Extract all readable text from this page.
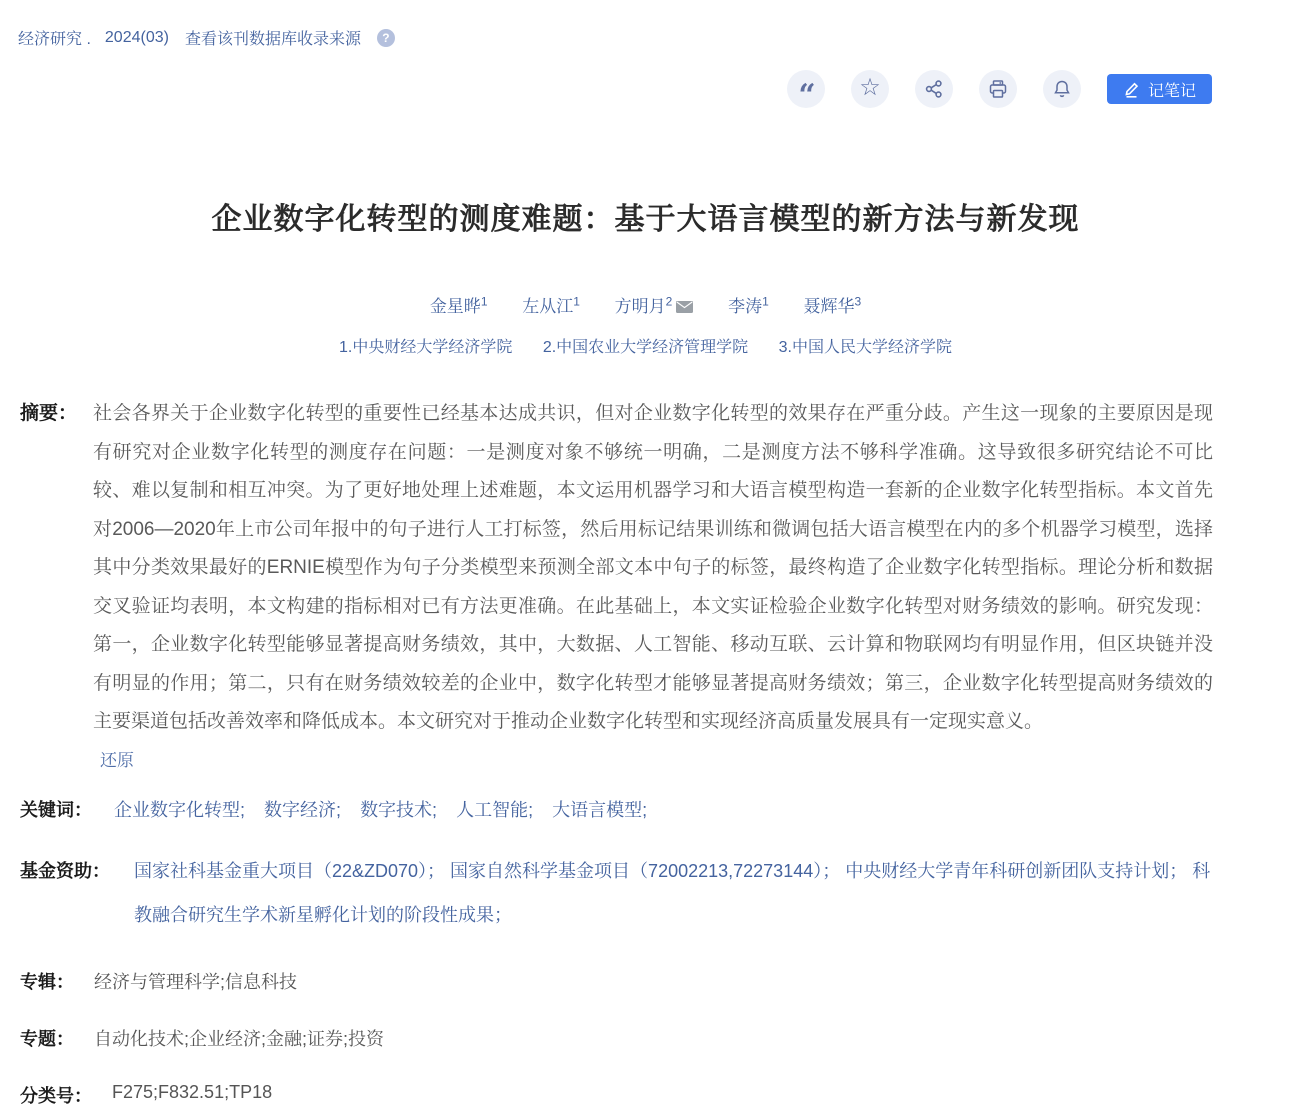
经济研究 . 2024(03) 查看该刊数据库收录来源	?
“ ☆	记笔记
企业数字化转型的测度难题：基于大语言模型的新方法与新发现
金星晔$^1$ 左从江$^1$ 方明月$^2$	李涛$^1$ 聂辉华$^3$
1.中央财经大学经济学院 2.中国农业大学经济管理学院 3.中国人民大学经济学院
摘要： 社会各界关于企业数字化转型的重要性已经基本达成共识，但对企业数字化转型的效果存在严重分歧。产生这一现象的主要原因是现有研究对企业数字化转型的测度存在问题：一是测度对象不够统一明确，二是测度方法不够科学准确。这导致很多研究结论不可比较、难以复制和相互冲突。为了更好地处理上述难题，本文运用机器学习和大语言模型构造一套新的企业数字化转型指标。本文首先对2006—2020年上市公司年报中的句子进行人工打标签，然后用标记结果训练和微调包括大语言模型在内的多个机器学习模型，选择其中分类效果最好的ERNIE模型作为句子分类模型来预测全部文本中句子的标签，最终构造了企业数字化转型指标。理论分析和数据交叉验证均表明，本文构建的指标相对已有方法更准确。在此基础上，本文实证检验企业数字化转型对财务绩效的影响。研究发现：第一，企业数字化转型能够显著提高财务绩效，其中，大数据、人工智能、移动互联、云计算和物联网均有明显作用，但区块链并没有明显的作用；第二，只有在财务绩效较差的企业中，数字化转型才能够显著提高财务绩效；第三，企业数字化转型提高财务绩效的主要渠道包括改善效率和降低成本。本文研究对于推动企业数字化转型和实现经济高质量发展具有一定现实意义。
还原
关键词： 企业数字化转型; 数字经济; 数字技术; 人工智能; 大语言模型;
基金资助： 国家社科基金重大项目（22&ZD070）； 国家自然科学基金项目（72002213,72273144）； 中央财经大学青年科研创新团队支持计划； 科教融合研究生学术新星孵化计划的阶段性成果；
专辑： 经济与管理科学;信息科技
专题： 自动化技术;企业经济;金融;证券;投资
分类号： F275;F832.51;TP18
